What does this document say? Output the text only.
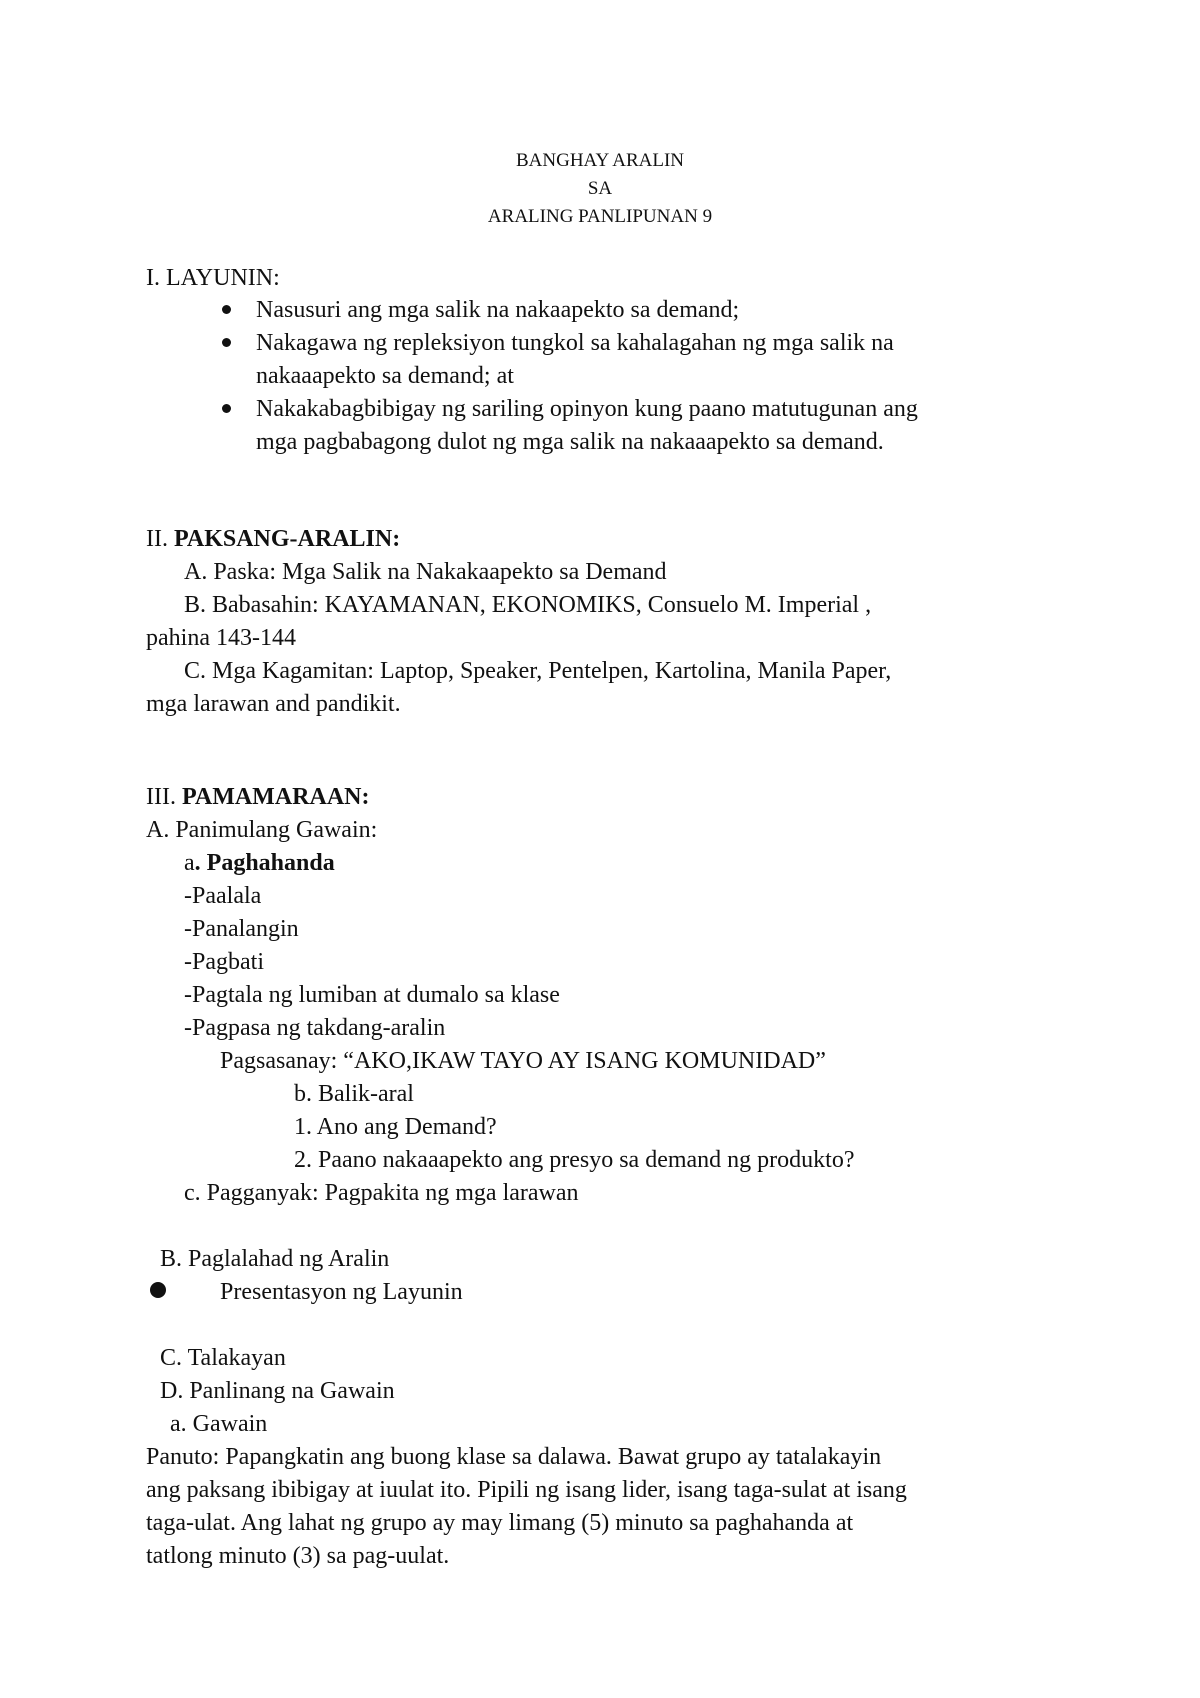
BANGHAY ARALIN
SA
ARALING PANLIPUNAN 9
I. LAYUNIN:
Nasusuri ang mga salik na nakaapekto sa demand;
Nakagawa ng repleksiyon tungkol sa kahalagahan ng mga salik na
nakaaapekto sa demand; at
Nakakabagbibigay ng sariling opinyon kung paano matutugunan ang
mga pagbabagong dulot ng mga salik na nakaaapekto sa demand.
II. PAKSANG-ARALIN:
A. Paska: Mga Salik na Nakakaapekto sa Demand
B. Babasahin: KAYAMANAN, EKONOMIKS, Consuelo M. Imperial ,
pahina 143-144
C. Mga Kagamitan: Laptop, Speaker, Pentelpen, Kartolina, Manila Paper,
mga larawan and pandikit.
III. PAMAMARAAN:
A. Panimulang Gawain:
a. Paghahanda
-Paalala
-Panalangin
-Pagbati
-Pagtala ng lumiban at dumalo sa klase
-Pagpasa ng takdang-aralin
Pagsasanay: “AKO,IKAW TAYO AY ISANG KOMUNIDAD”
b. Balik-aral
1. Ano ang Demand?
2. Paano nakaaapekto ang presyo sa demand ng produkto?
c. Pagganyak: Pagpakita ng mga larawan
B. Paglalahad ng Aralin
Presentasyon ng Layunin
C. Talakayan
D. Panlinang na Gawain
a. Gawain
Panuto: Papangkatin ang buong klase sa dalawa. Bawat grupo ay tatalakayin
ang paksang ibibigay at iuulat ito. Pipili ng isang lider, isang taga-sulat at isang
taga-ulat. Ang lahat ng grupo ay may limang (5) minuto sa paghahanda at
tatlong minuto (3) sa pag-uulat.
